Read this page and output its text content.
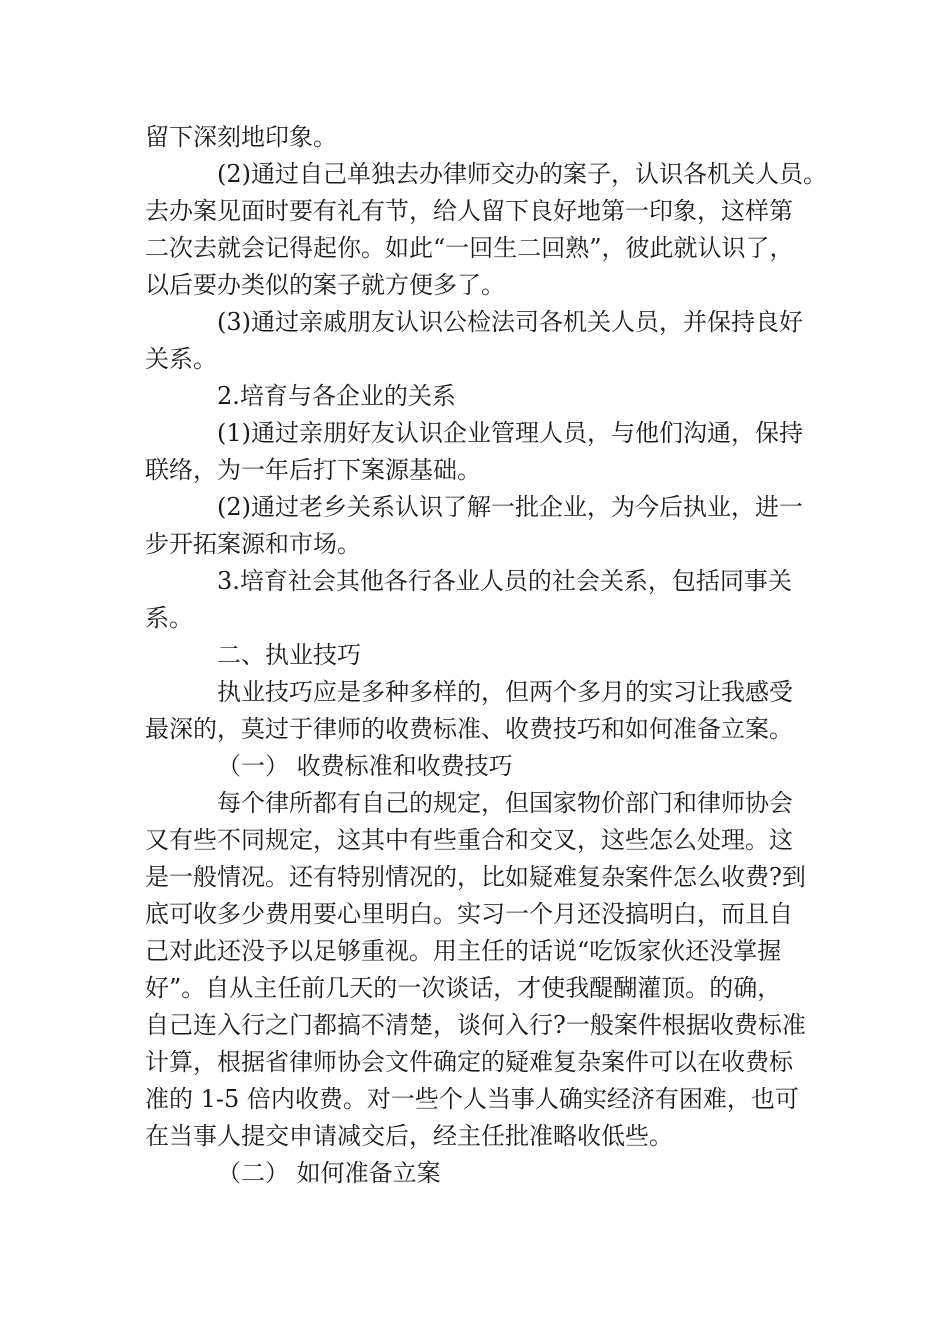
留下深刻地印象。
(2)通过自己单独去办律师交办的案子，认识各机关人员。
去办案见面时要有礼有节，给人留下良好地第一印象，这样第
二次去就会记得起你。如此“一回生二回熟”，彼此就认识了，
以后要办类似的案子就方便多了。
(3)通过亲戚朋友认识公检法司各机关人员，并保持良好
关系。
2.培育与各企业的关系
(1)通过亲朋好友认识企业管理人员，与他们沟通，保持
联络，为一年后打下案源基础。
(2)通过老乡关系认识了解一批企业，为今后执业，进一
步开拓案源和市场。
3.培育社会其他各行各业人员的社会关系，包括同事关
系。
二、执业技巧
执业技巧应是多种多样的，但两个多月的实习让我感受
最深的，莫过于律师的收费标准、收费技巧和如何准备立案。
（一） 收费标准和收费技巧
每个律所都有自己的规定，但国家物价部门和律师协会
又有些不同规定，这其中有些重合和交叉，这些怎么处理。这
是一般情况。还有特别情况的，比如疑难复杂案件怎么收费?到
底可收多少费用要心里明白。实习一个月还没搞明白，而且自
己对此还没予以足够重视。用主任的话说“吃饭家伙还没掌握
好”。自从主任前几天的一次谈话，才使我醍醐灌顶。的确，
自己连入行之门都搞不清楚，谈何入行?一般案件根据收费标准
计算，根据省律师协会文件确定的疑难复杂案件可以在收费标
准的 1-5 倍内收费。对一些个人当事人确实经济有困难，也可
在当事人提交申请减交后，经主任批准略收低些。
（二） 如何准备立案
